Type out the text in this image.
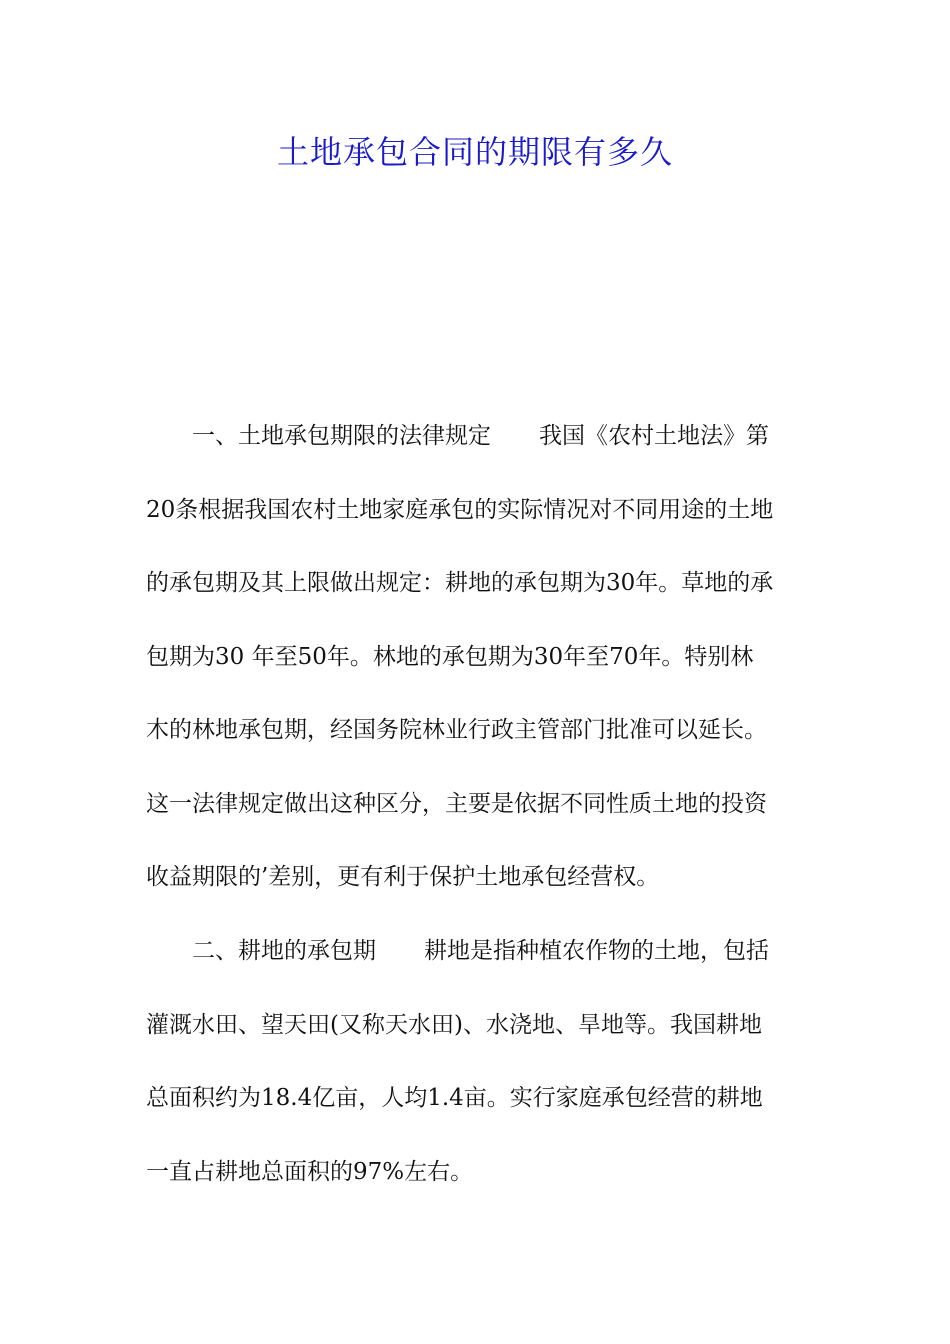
土地承包合同的期限有多久
一、土地承包期限的法律规定 我国《农村土地法》第
20条根据我国农村土地家庭承包的实际情况对不同用途的土地
的承包期及其上限做出规定：耕地的承包期为30年。草地的承
包期为30 年至50年。林地的承包期为30年至70年。特别林
木的林地承包期，经国务院林业行政主管部门批准可以延长。
这一法律规定做出这种区分，主要是依据不同性质土地的投资
收益期限的’差别，更有利于保护土地承包经营权。
二、耕地的承包期 耕地是指种植农作物的土地，包括
灌溉水田、望天田(又称天水田)、水浇地、旱地等。我国耕地
总面积约为18.4亿亩，人均1.4亩。实行家庭承包经营的耕地
一直占耕地总面积的97%左右。
